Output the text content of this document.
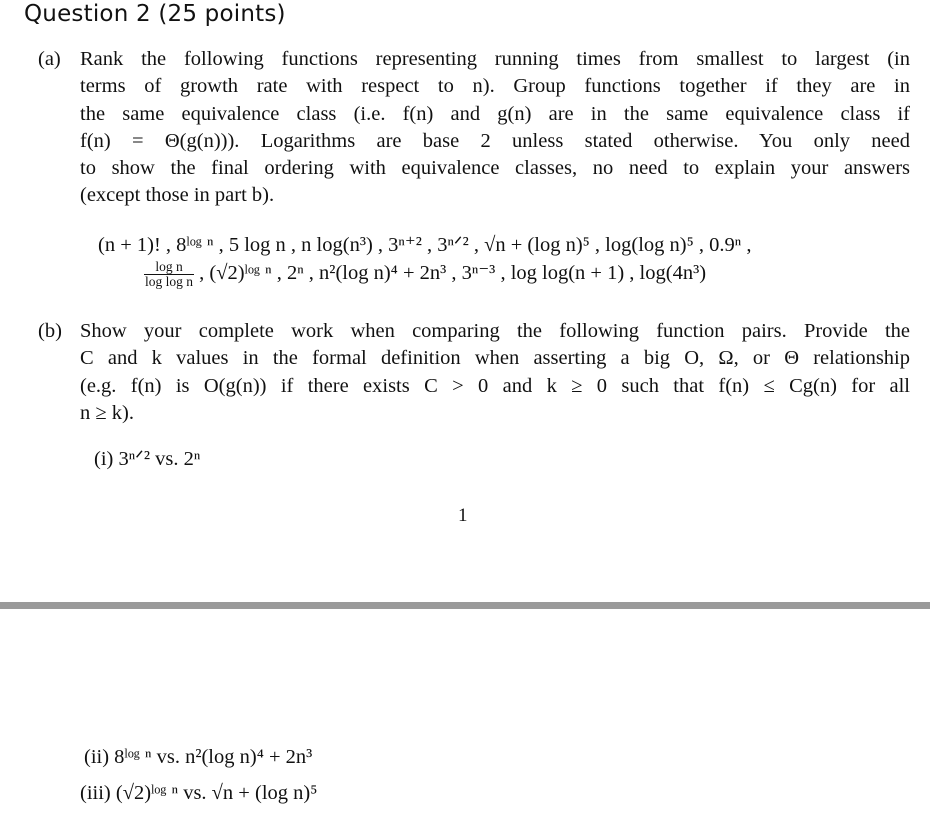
Question 2 (25 points)
(a) Rank the following functions representing running times from smallest to largest (in
terms of growth rate with respect to n). Group functions together if they are in
the same equivalence class (i.e. f(n) and g(n) are in the same equivalence class if
f(n) = Θ(g(n))). Logarithms are base 2 unless stated otherwise. You only need
to show the final ordering with equivalence classes, no need to explain your answers
(except those in part b).
(n + 1)! , 8ˡᵒᵍ ⁿ , 5 log n , n log(n³) , 3ⁿ⁺² , 3ⁿᐟ² , √n + (log n)⁵ , log(log n)⁵ , 0.9ⁿ ,
$\frac{\text{log n}}{\text{log log n}}$ , (√2)ˡᵒᵍ ⁿ , 2ⁿ , n²(log n)⁴ + 2n³ , 3ⁿ⁻³ , log log(n + 1) , log(4n³)
(b) Show your complete work when comparing the following function pairs. Provide the
C and k values in the formal definition when asserting a big O, Ω, or Θ relationship
(e.g. f(n) is O(g(n)) if there exists C > 0 and k ≥ 0 such that f(n) ≤ Cg(n) for all
n ≥ k).
(i) 3ⁿᐟ² vs. 2ⁿ
1
(ii) 8ˡᵒᵍ ⁿ vs. n²(log n)⁴ + 2n³
(iii) (√2)ˡᵒᵍ ⁿ vs. √n + (log n)⁵
